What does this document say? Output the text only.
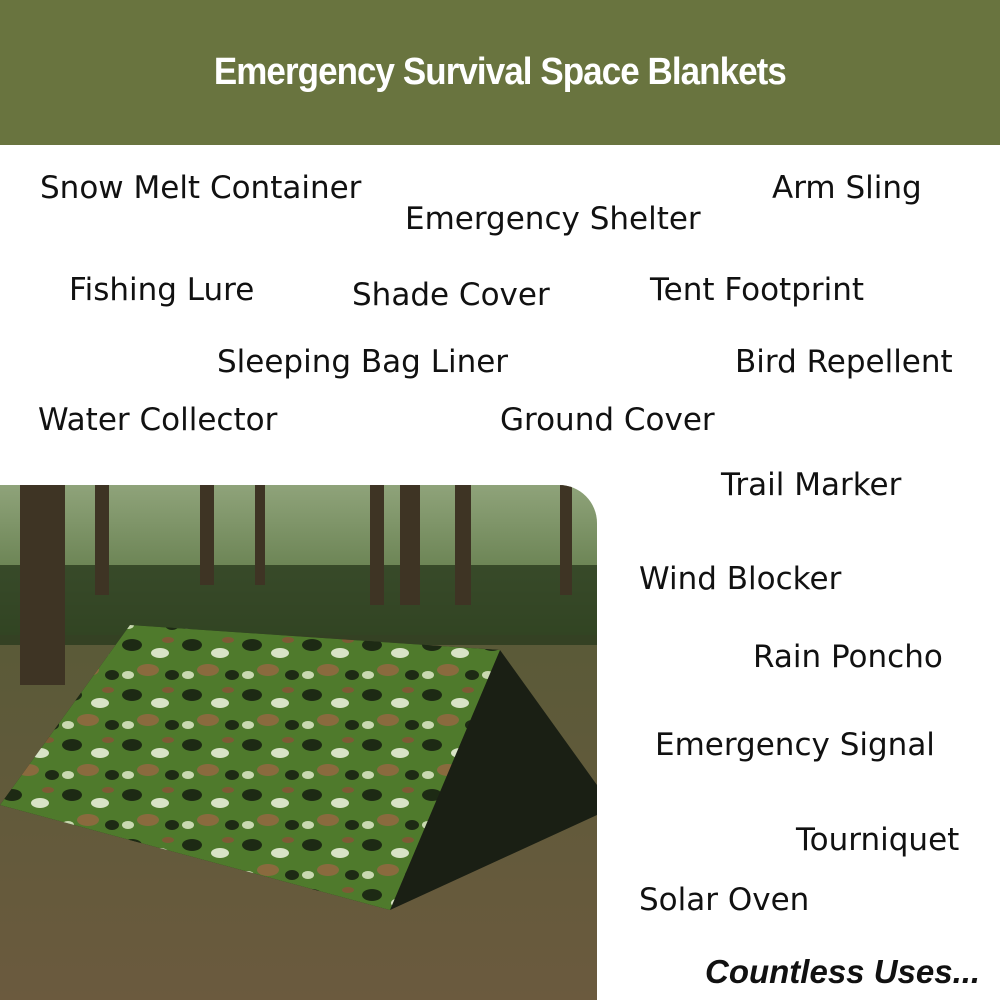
Emergency Survival Space Blankets
Snow Melt Container
Emergency Shelter
Arm Sling
Fishing Lure	Shade Cover	Tent Footprint
Sleeping Bag Liner	Bird Repellent
Water Collector	Ground Cover
Trail Marker
Wind Blocker
Rain Poncho
Emergency Signal
Tourniquet
Solar Oven
Countless Uses...
